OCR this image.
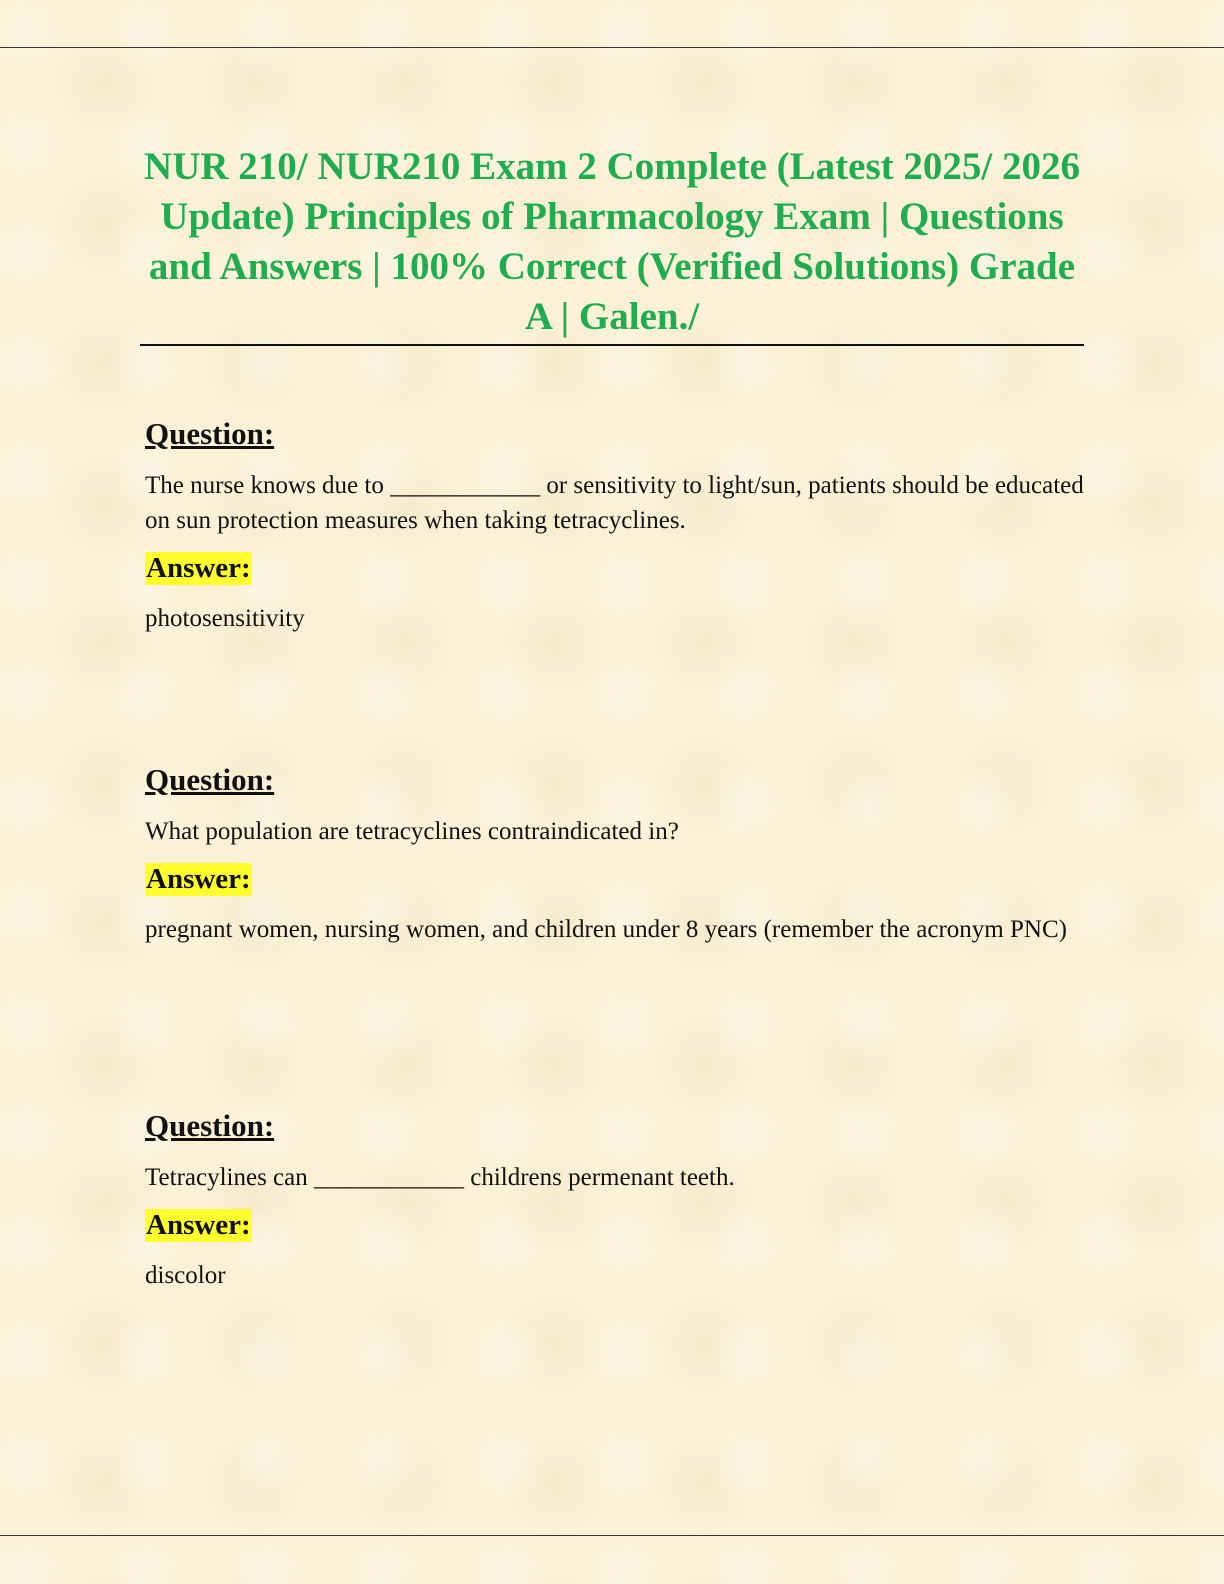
NUR 210/ NUR210 Exam 2 Complete (Latest 2025/ 2026 Update) Principles of Pharmacology Exam | Questions and Answers | 100% Correct (Verified Solutions) Grade A | Galen./
Question:
The nurse knows due to ____________ or sensitivity to light/sun, patients should be educated on sun protection measures when taking tetracyclines.
Answer:
photosensitivity
Question:
What population are tetracyclines contraindicated in?
Answer:
pregnant women, nursing women, and children under 8 years (remember the acronym PNC)
Question:
Tetracylines can ____________ childrens permenant teeth.
Answer:
discolor
